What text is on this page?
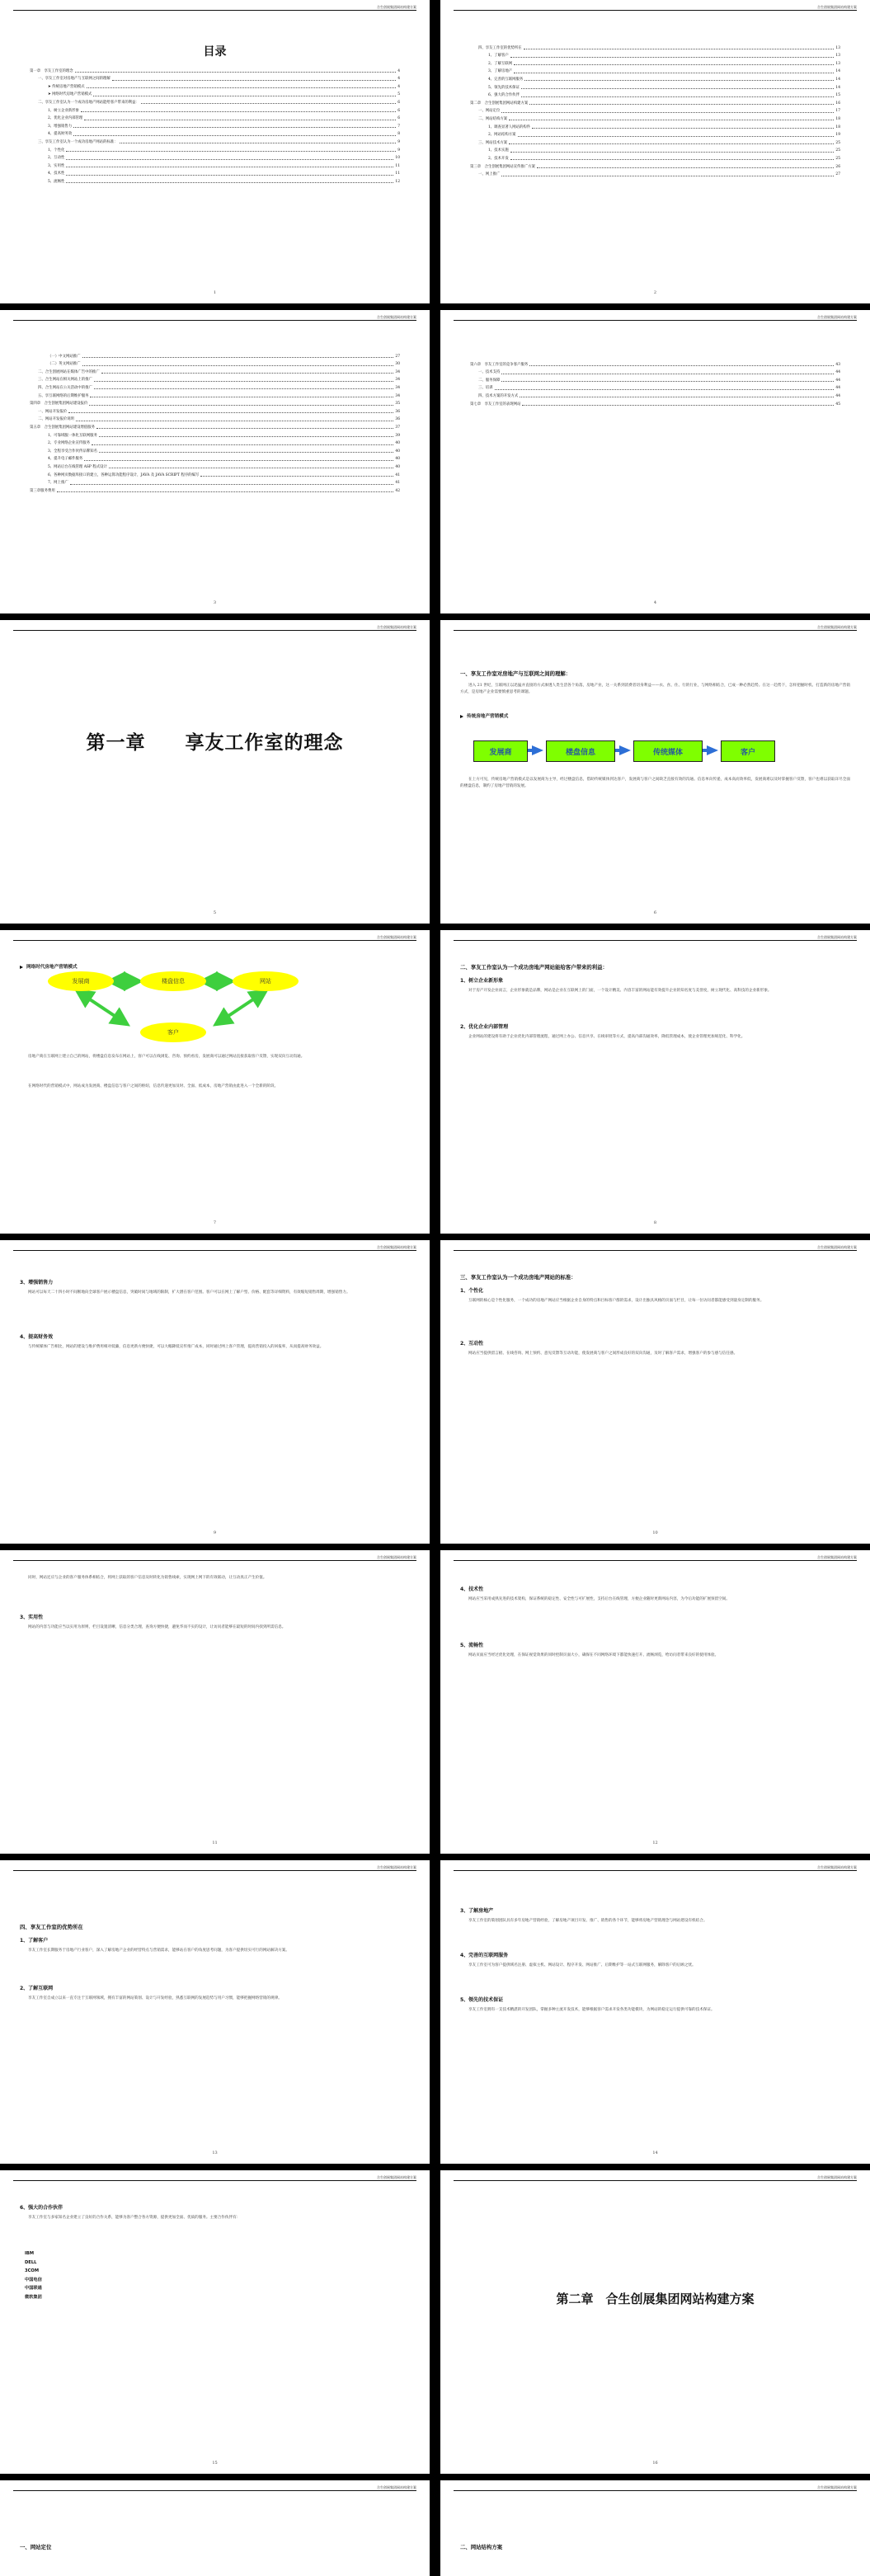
合生创展集团网站构建方案
目录
第一章　享友工作室的理念	4
一、享友工作室对房地产与互联网之间的理解	4
➤ 传统房地产营销模式	4
➤ 网络时代房地产营销模式	5
二、享友工作室认为一个成功房地产网站能给客户带来的利益：	6
1、树立企业新形象	6
2、优化企业内部管理	6
3、增强销售力	7
4、提高财务效	8
三、享友工作室认为一个成功房地产网站的标准：	9
1、个性化	9
2、互动性	10
3、实用性	11
4、技术性	11
5、流畅性	12
1
合生创展集团网站构建方案
四、享友工作室的优势所在	13
1、了解客户	13
2、了解互联网	13
3、了解房地产	14
4、完善的互联网服务	14
5、领先的技术保证	14
6、强大的合作伙伴	15
第二章　合生创展集团网站构建方案	16
一、网站定位	17
二、网站结构方案	18
1、调查显著人网站的构件	18
2、网站结构方案	19
三、网站技术方案	25
1、技术实施	25
2、技术开发	25
第三章　合生创展集团网站宣传推广方案	26
一、网上推广	27
2
合生创展集团网站构建方案
（一）中文网站推广	27
（二）英文网站推广	30
二、合生创展网站在媒体广告中的推广	34
三、合生网站在相关网站上的推广	34
四、合生网站在公关活动中的推广	34
五、享互联网络的后期维护服务	34
第四章　合生创展集团网站建设报价	35
一、网站开发报价	36
二、网站开发报价说明	36
第五章　合生创展集团网站建设增值服务	37
1、可靠域服一体化互联网服务	39
2、专业网络企业宣传服务	40
3、全程享受合作伙伴品牌知名	40
4、提升电子邮件服务	40
5、网站后台在线管理 ASP 程式设计	40
6、各种网页数据库接口的建立，各种运算功能程序设计，JAVA 及 JAVA SCRIPT 程序的编写	41
7、网上推广	41
第三章服务费用	42
3
合生创展集团网站构建方案
第六章　享友工作室的竞争客户服务	43
一、技术支持	44
二、服务保障	44
三、培训	44
四、技术方案的开发方式	44
第七章　享友工作室的表现网站	45
4
合生创展集团网站构建方案
第一章　　享友工作室的理念
5
合生创展集团网站构建方案
一、享友工作室对房地产与互联网之间的理解：
进入 21 世纪，互联网正以迅猛并直接的方式渗透人类生活各个角落，房地产业，这一关系到消费者切身利益——衣、食、住、行的行业，与网络相结合，已成一种必然趋势。在这一趋势下，怎样把握时机、打造新的房地产营销方式，是房地产企业需要慎重思考的课题。
传统房地产营销模式
发展商	楼盘信息	传统媒体	客户
在上方可见，传统房地产营销模式是以发展商为主导，经过楼盘信息，借助传统媒体到达客户，发展商与客户之间缺乏直接有效的沟通。信息单向传递，成本高而效率低，发展商难以及时掌握客户反馈，客户也难以获取详尽全面的楼盘信息，制约了房地产营销的发展。
6
合生创展集团网站构建方案
网络时代房地产营销模式
发展商	楼盘信息	网站
客户
房地产商在互联网上建立自己的网站，将楼盘信息发布在网站上，客户可以在线浏览、咨询、预约看房，发展商可以通过网站直接获取客户反馈，实现双向互动沟通。
在网络时代的营销模式中，网站成为发展商、楼盘信息与客户之间的枢纽，信息传递更加及时、全面、低成本，房地产营销由此进入一个全新的阶段。
7
合生创展集团网站构建方案
二、享友工作室认为一个成功房地产网站能给客户带来的利益：
1、树立企业新形象
对于房产开发企业而言，企业形象就是品牌，网站是企业在互联网上的门面，一个设计精美、内容丰富的网站能有效提升企业的知名度与美誉度，树立现代化、高科技的企业新形象。
2、优化企业内部管理
企业网站的建设将有助于企业优化内部管理流程，通过网上办公、信息共享、在线审批等方式，提高内部沟通效率，降低管理成本，使企业管理更加规范化、科学化。
8
合生创展集团网站构建方案
3、增强销售力
网站可以每天二十四小时不间断地向全球客户展示楼盘信息，突破时间与地域的限制，扩大潜在客户范围。客户可以在网上了解户型、价格、配套等详细资料，有效缩短销售周期，增强销售力。
4、提高财务效
与传统媒体广告相比，网站的建设与维护费用相对低廉，信息更新方便快捷，可以大幅降低宣传推广成本，同时通过网上客户管理，提高营销投入的回报率，从而提高财务效益。
9
合生创展集团网站构建方案
三、享友工作室认为一个成功房地产网站的标准：
1、个性化
互联网的核心是个性化服务，一个成功的房地产网站应当根据企业自身的特点和目标客户群的需求，设计出独具风格的页面与栏目，让每一位访问者都能感受到量身定制的服务。
2、互动性
网站应当提供留言板、在线咨询、网上预约、意见反馈等互动功能，使发展商与客户之间形成良好的双向沟通，及时了解客户需求，增强客户的参与感与信任感。
10
合生创展集团网站构建方案
同时，网站还应与企业的客户服务体系相结合，将网上获取的客户信息及时转化为销售线索，实现网上网下的有效联动，让互动真正产生价值。
3、实用性
网站的内容与功能应当以实用为原则，栏目设置清晰，信息分类合理，查询方便快捷，避免华而不实的设计，让访问者能够在最短的时间内找到所需信息。
11
合生创展集团网站构建方案
4、技术性
网站应当采用成熟先进的技术架构，保证系统的稳定性、安全性与可扩展性，支持后台在线管理，方便企业随时更新网站内容，为今后功能的扩展预留空间。
5、流畅性
网站页面应当经过优化处理，在保证视觉效果的同时控制页面大小，确保在不同网络环境下都能快速打开、流畅浏览，给访问者带来良好的使用体验。
12
合生创展集团网站构建方案
四、享友工作室的优势所在
1、了解客户
享友工作室长期服务于房地产行业客户，深入了解房地产企业的经营特点与营销需求，能够站在客户的角度思考问题，为客户提供切实可行的网站解决方案。
2、了解互联网
享友工作室自成立以来一直专注于互联网领域，拥有丰富的网站策划、设计与开发经验，熟悉互联网的发展趋势与用户习惯，能够把握网络营销的规律。
13
合生创展集团网站构建方案
3、了解房地产
享友工作室的策划团队具有多年房地产营销经验，了解房地产项目开发、推广、销售的各个环节，能够将房地产营销理念与网站建设有机结合。
4、完善的互联网服务
享友工作室可为客户提供域名注册、虚拟主机、网站设计、程序开发、网站推广、后期维护等一站式互联网服务，解除客户的后顾之忧。
5、领先的技术保证
享友工作室拥有一支技术精湛的开发团队，掌握多种主流开发技术，能够根据客户需求开发各类功能模块，为网站的稳定运行提供可靠的技术保证。
14
合生创展集团网站构建方案
6、强大的合作伙伴
享友工作室与多家知名企业建立了良好的合作关系，能够为客户整合各方资源，提供更加全面、优质的服务。主要合作伙伴有：
IBM
DELL
3COM
中国电信
中国联通
微软集团
15
合生创展集团网站构建方案
第二章　合生创展集团网站构建方案
16
合生创展集团网站构建方案
一、网站定位
合生创展集团网站构建方案
二、网站结构方案
